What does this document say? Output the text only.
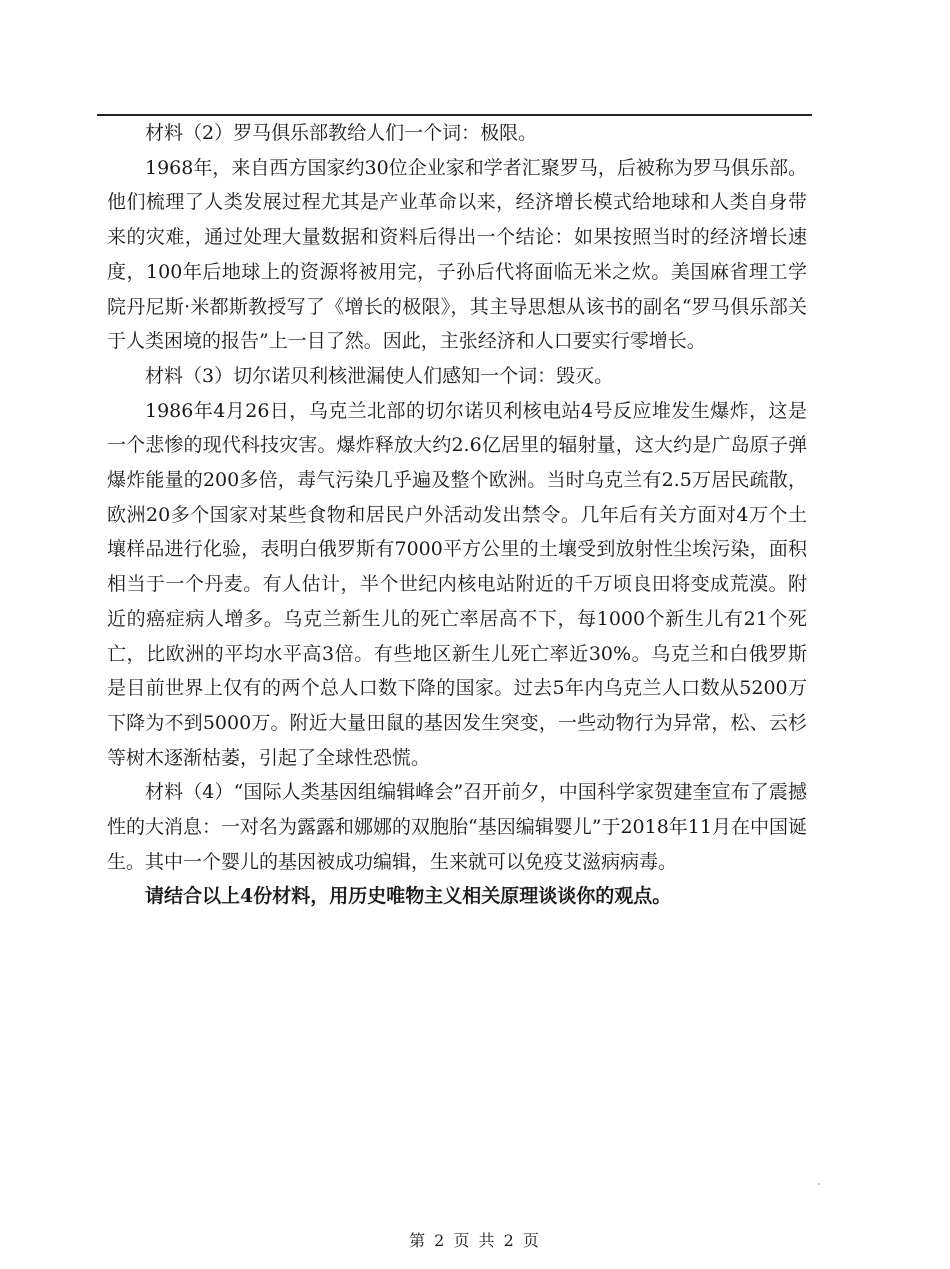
材料（2）罗马俱乐部教给人们一个词：极限。

1968年，来自西方国家约30位企业家和学者汇聚罗马，后被称为罗马俱乐部。他们梳理了人类发展过程尤其是产业革命以来，经济增长模式给地球和人类自身带来的灾难，通过处理大量数据和资料后得出一个结论：如果按照当时的经济增长速度，100年后地球上的资源将被用完，子孙后代将面临无米之炊。美国麻省理工学院丹尼斯·米都斯教授写了《增长的极限》，其主导思想从该书的副名“罗马俱乐部关于人类困境的报告”上一目了然。因此，主张经济和人口要实行零增长。

材料（3）切尔诺贝利核泄漏使人们感知一个词：毁灭。

1986年4月26日，乌克兰北部的切尔诺贝利核电站4号反应堆发生爆炸，这是一个悲惨的现代科技灾害。爆炸释放大约2.6亿居里的辐射量，这大约是广岛原子弹爆炸能量的200多倍，毒气污染几乎遍及整个欧洲。当时乌克兰有2.5万居民疏散，欧洲20多个国家对某些食物和居民户外活动发出禁令。几年后有关方面对4万个土壤样品进行化验，表明白俄罗斯有7000平方公里的土壤受到放射性尘埃污染，面积相当于一个丹麦。有人估计，半个世纪内核电站附近的千万顷良田将变成荒漠。附近的癌症病人增多。乌克兰新生儿的死亡率居高不下，每1000个新生儿有21个死亡，比欧洲的平均水平高3倍。有些地区新生儿死亡率近30%。乌克兰和白俄罗斯是目前世界上仅有的两个总人口数下降的国家。过去5年内乌克兰人口数从5200万下降为不到5000万。附近大量田鼠的基因发生突变，一些动物行为异常，松、云杉等树木逐渐枯萎，引起了全球性恐慌。

材料（4）“国际人类基因组编辑峰会”召开前夕，中国科学家贺建奎宣布了震撼性的大消息：一对名为露露和娜娜的双胞胎“基因编辑婴儿”于2018年11月在中国诞生。其中一个婴儿的基因被成功编辑，生来就可以免疫艾滋病病毒。

请结合以上4份材料，用历史唯物主义相关原理谈谈你的观点。

第 2 页 共 2 页
